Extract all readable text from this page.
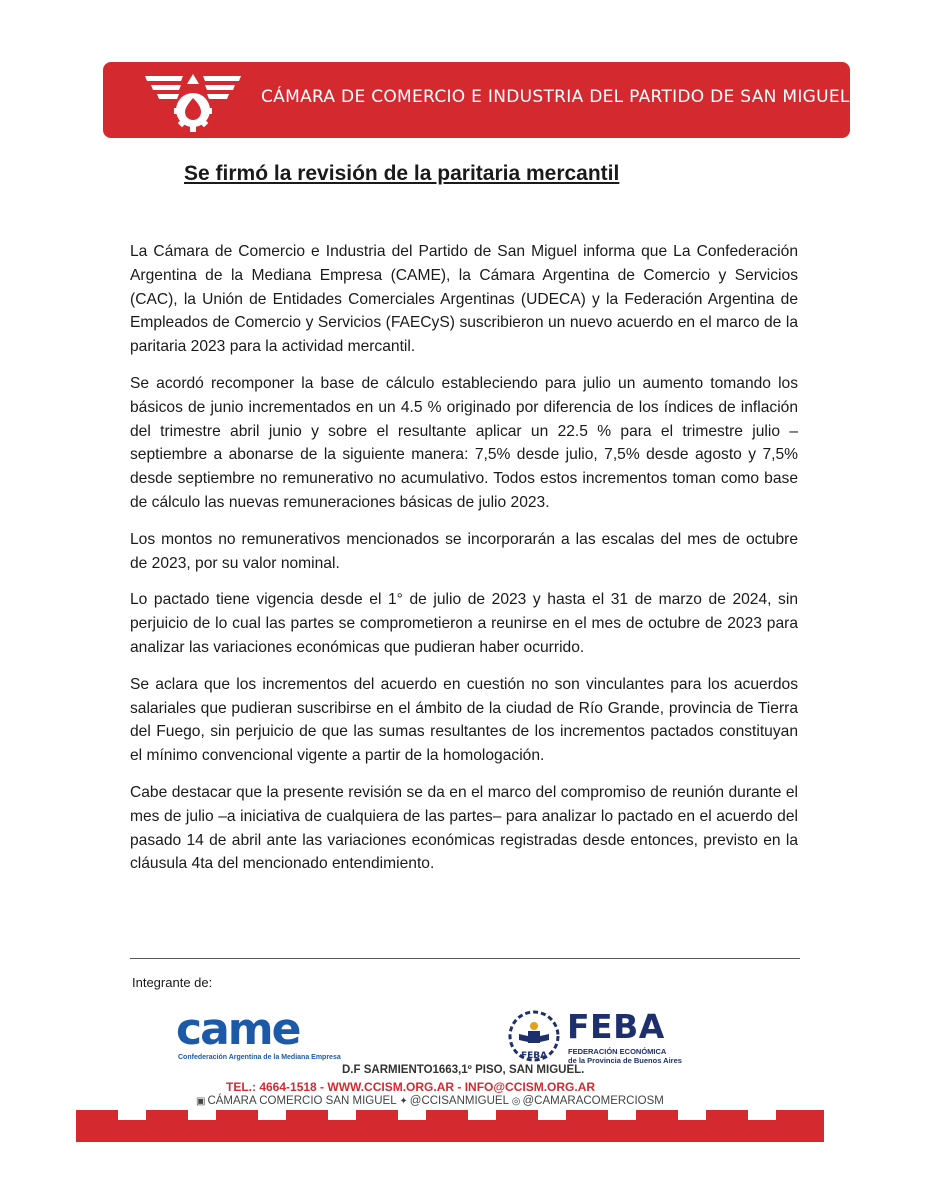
CÁMARA DE COMERCIO E INDUSTRIA DEL PARTIDO DE SAN MIGUEL
Se firmó la revisión de la paritaria mercantil

La Cámara de Comercio e Industria del Partido de San Miguel informa que La Confederación Argentina de la Mediana Empresa (CAME), la Cámara Argentina de Comercio y Servicios (CAC), la Unión de Entidades Comerciales Argentinas (UDECA) y la Federación Argentina de Empleados de Comercio y Servicios (FAECyS) suscribieron un nuevo acuerdo en el marco de la paritaria 2023 para la actividad mercantil.

Se acordó recomponer la base de cálculo estableciendo para julio un aumento tomando los básicos de junio incrementados en un 4.5 % originado por diferencia de los índices de inflación del trimestre abril junio y sobre el resultante aplicar un 22.5 % para el trimestre julio – septiembre a abonarse de la siguiente manera: 7,5% desde julio, 7,5% desde agosto y 7,5% desde septiembre no remunerativo no acumulativo. Todos estos incrementos toman como base de cálculo las nuevas remuneraciones básicas de julio 2023.

Los montos no remunerativos mencionados se incorporarán a las escalas del mes de octubre de 2023, por su valor nominal.

Lo pactado tiene vigencia desde el 1° de julio de 2023 y hasta el 31 de marzo de 2024, sin perjuicio de lo cual las partes se comprometieron a reunirse en el mes de octubre de 2023 para analizar las variaciones económicas que pudieran haber ocurrido.

Se aclara que los incrementos del acuerdo en cuestión no son vinculantes para los acuerdos salariales que pudieran suscribirse en el ámbito de la ciudad de Río Grande, provincia de Tierra del Fuego, sin perjuicio de que las sumas resultantes de los incrementos pactados constituyan el mínimo convencional vigente a partir de la homologación.

Cabe destacar que la presente revisión se da en el marco del compromiso de reunión durante el mes de julio –a iniciativa de cualquiera de las partes– para analizar lo pactado en el acuerdo del pasado 14 de abril ante las variaciones económicas registradas desde entonces, previsto en la cláusula 4ta del mencionado entendimiento.

Integrante de:
came
Confederación Argentina de la Mediana Empresa	FEBA
FEBA
FEDERACIÓN ECONÓMICA
de la Provincia de Buenos Aires
D.F SARMIENTO1663,1º PISO, SAN MIGUEL.
TEL.: 4664-1518 - WWW.CCISM.ORG.AR - INFO@CCISM.ORG.AR
▣ CÁMARA COMERCIO SAN MIGUEL ✦ @CCISANMIGUEL ◎ @CAMARACOMERCIOSM
